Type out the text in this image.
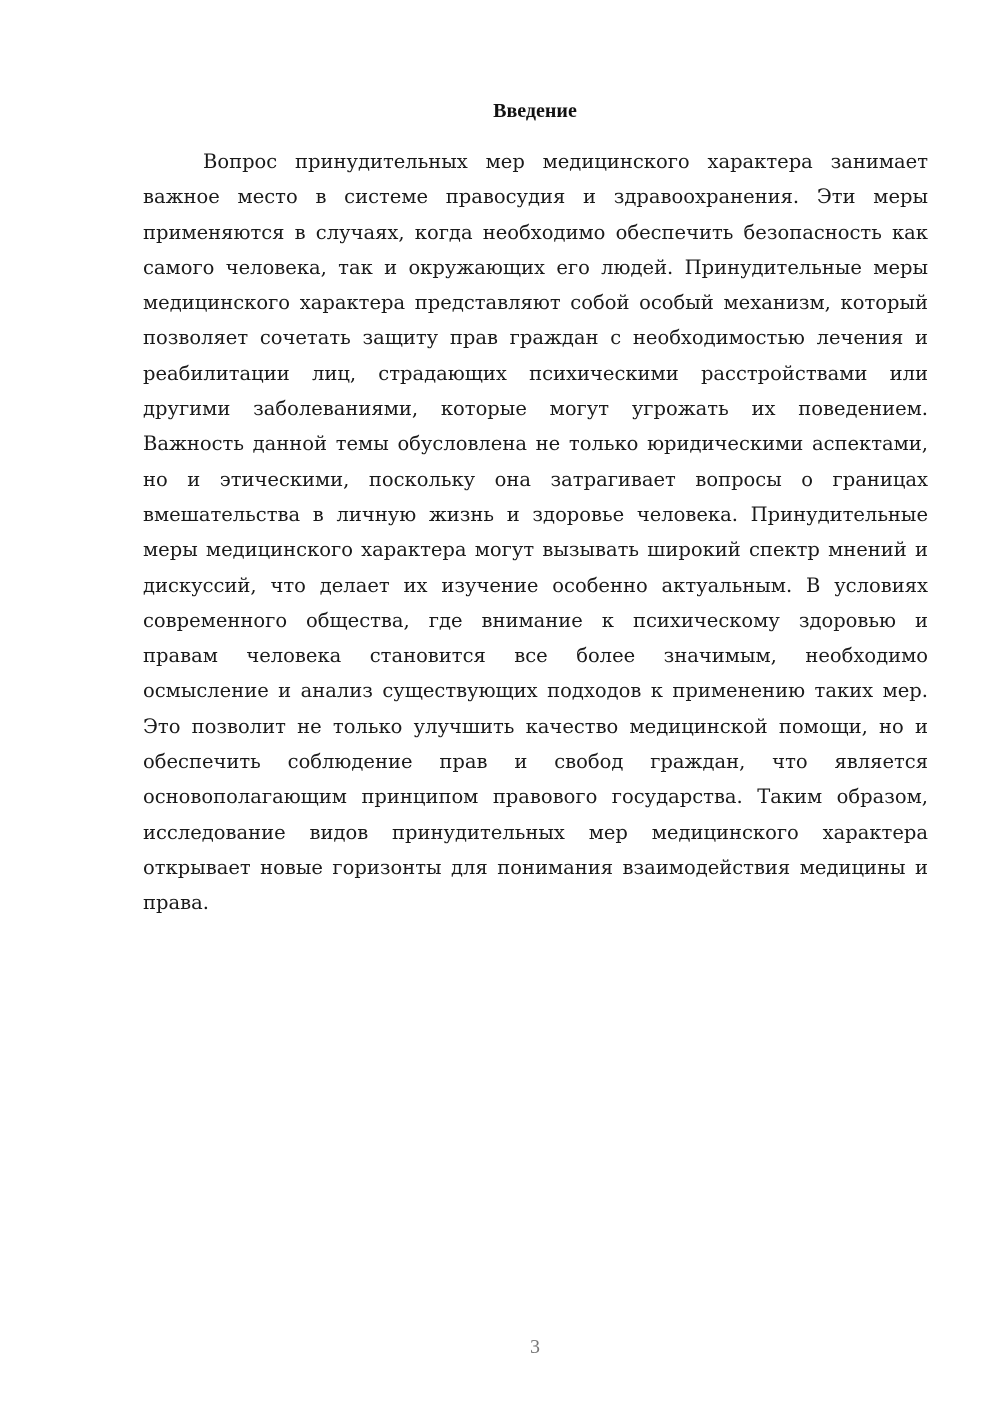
Введение
Вопрос принудительных мер медицинского характера занимает
важное место в системе правосудия и здравоохранения. Эти меры
применяются в случаях, когда необходимо обеспечить безопасность как
самого человека, так и окружающих его людей. Принудительные меры
медицинского характера представляют собой особый механизм, который
позволяет сочетать защиту прав граждан с необходимостью лечения и
реабилитации лиц, страдающих психическими расстройствами или
другими заболеваниями, которые могут угрожать их поведением.
Важность данной темы обусловлена не только юридическими аспектами,
но и этическими, поскольку она затрагивает вопросы о границах
вмешательства в личную жизнь и здоровье человека. Принудительные
меры медицинского характера могут вызывать широкий спектр мнений и
дискуссий, что делает их изучение особенно актуальным. В условиях
современного общества, где внимание к психическому здоровью и
правам человека становится все более значимым, необходимо
осмысление и анализ существующих подходов к применению таких мер.
Это позволит не только улучшить качество медицинской помощи, но и
обеспечить соблюдение прав и свобод граждан, что является
основополагающим принципом правового государства. Таким образом,
исследование видов принудительных мер медицинского характера
открывает новые горизонты для понимания взаимодействия медицины и
права.
3
